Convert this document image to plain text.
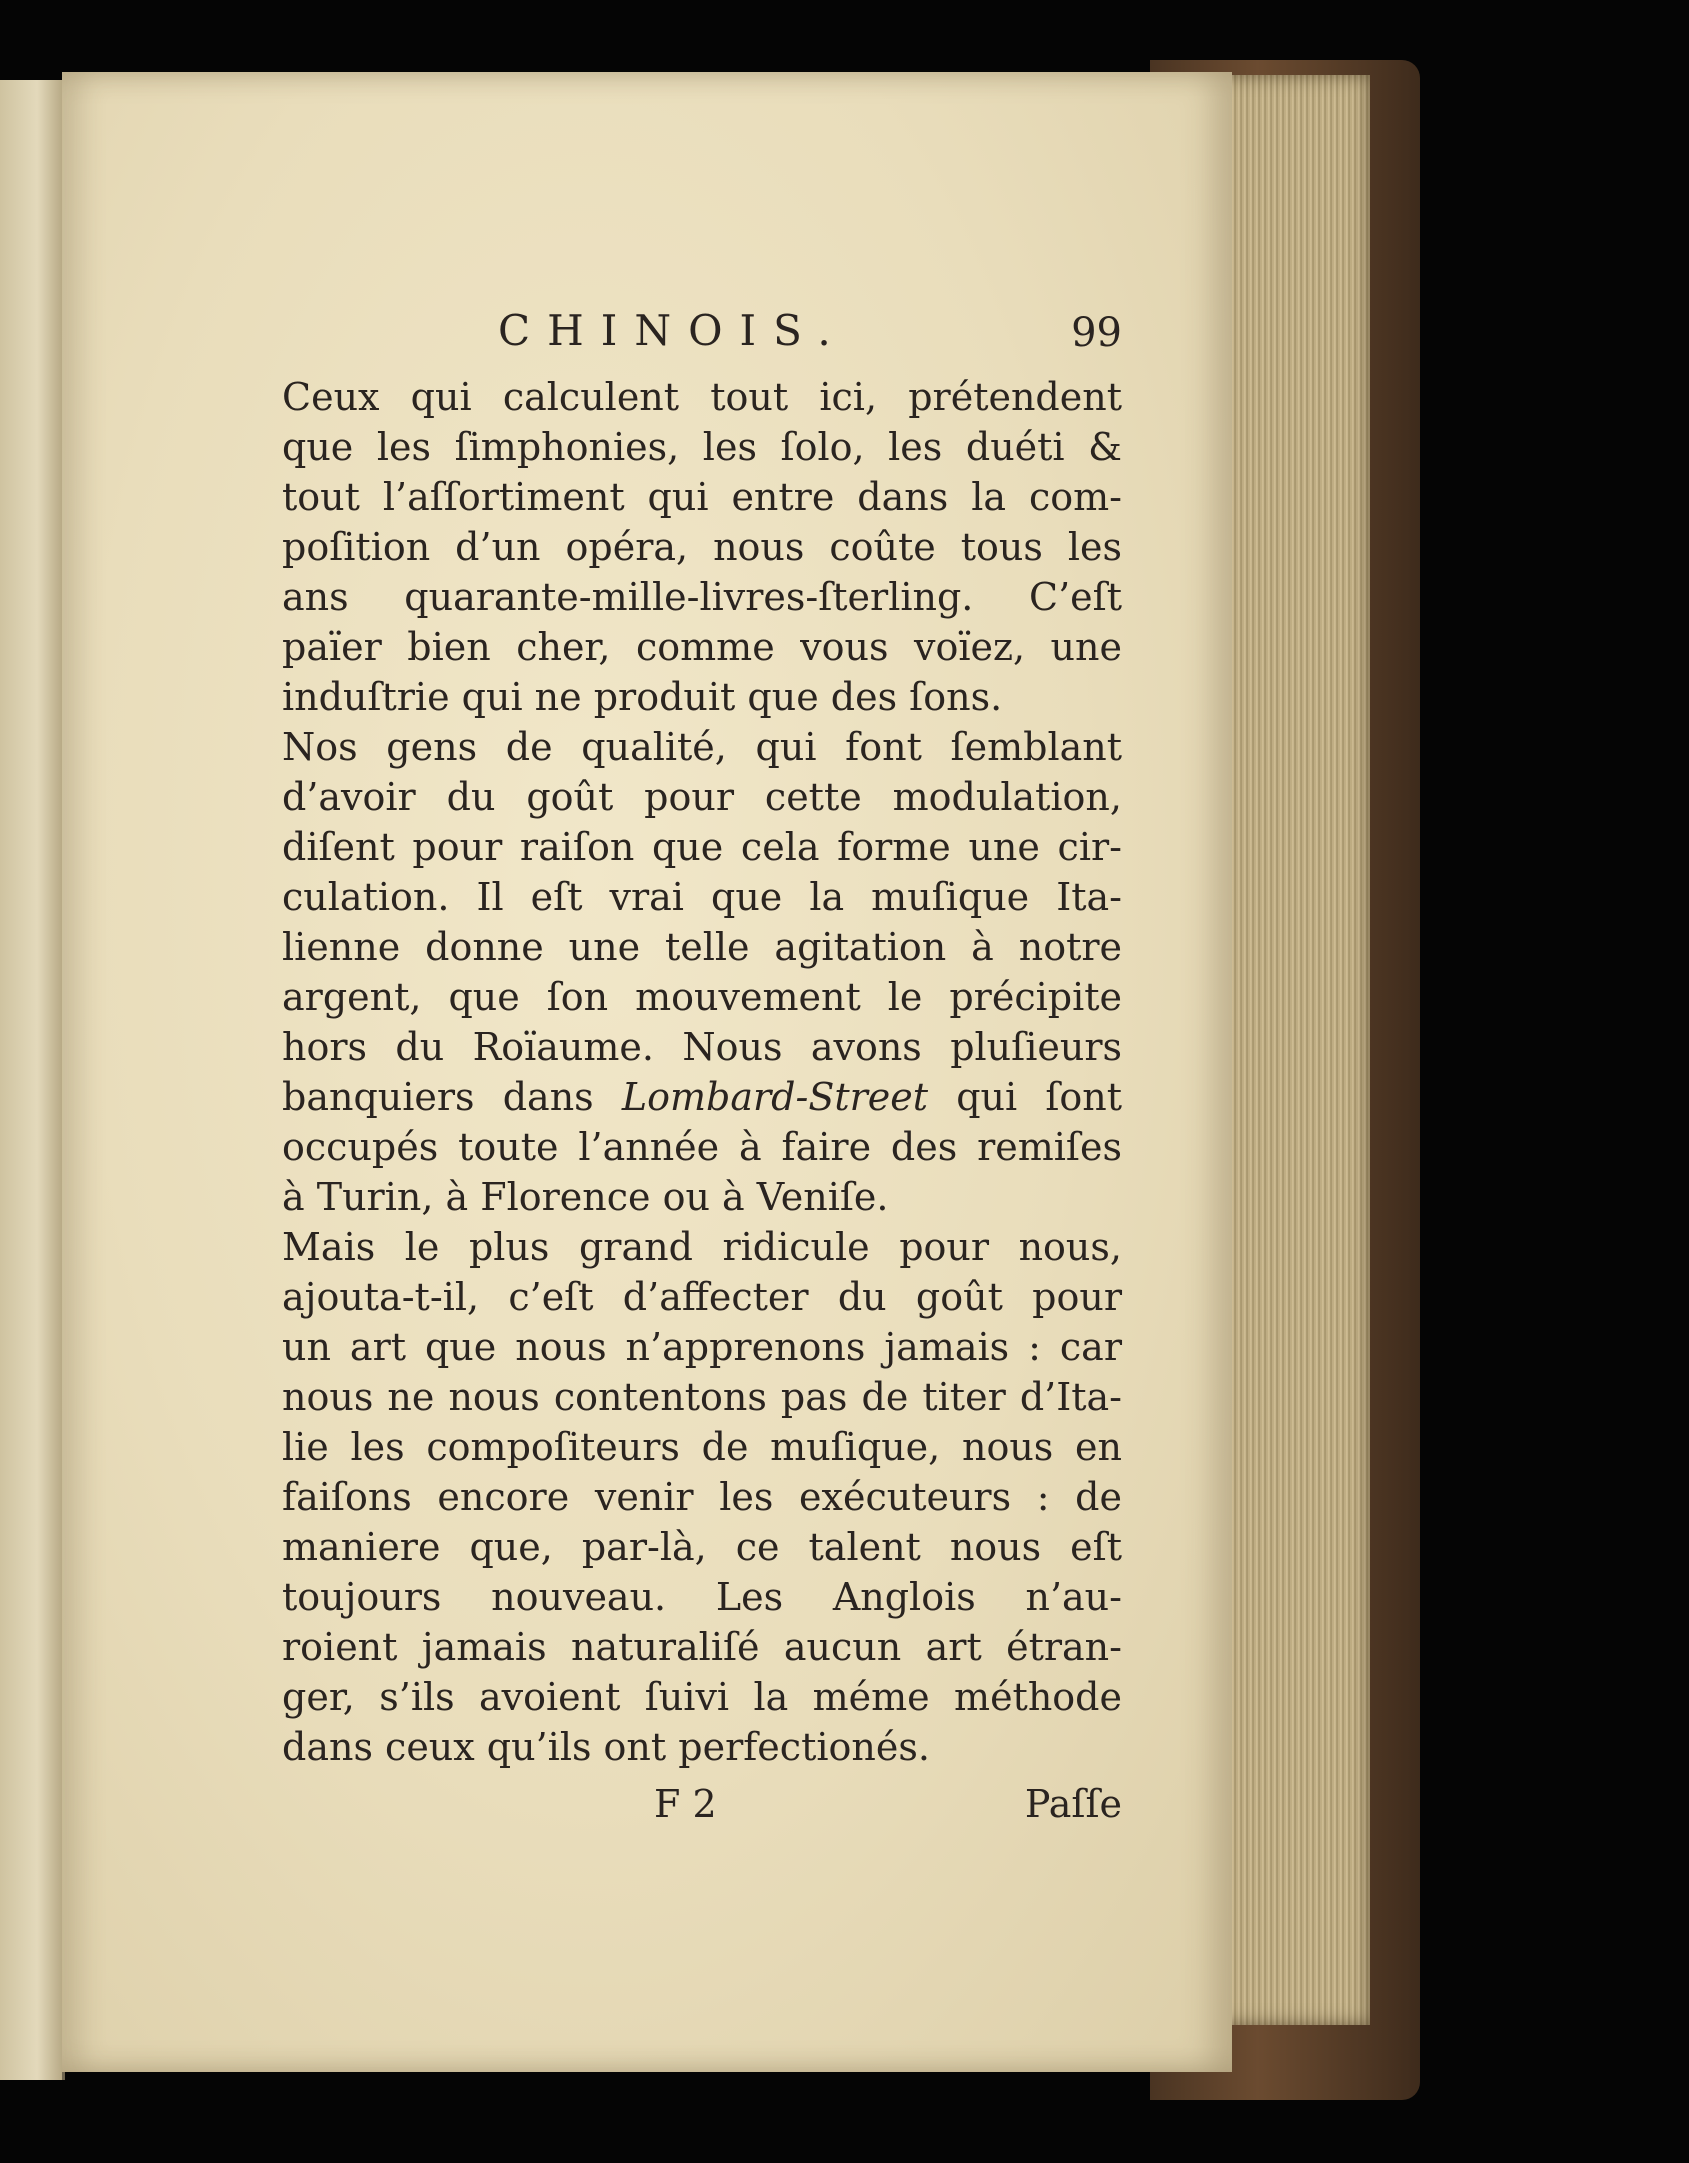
CHINOIS.	99
Ceux qui calculent tout ici, prétendent
que les ſimphonies, les ſolo, les duéti &
tout l’aſſortiment qui entre dans la com-
poſition d’un opéra, nous coûte tous les
ans quarante-mille-livres-ſterling. C’eſt
païer bien cher, comme vous voïez, une
induſtrie qui ne produit que des ſons.
Nos gens de qualité, qui font ſemblant
d’avoir du goût pour cette modulation,
diſent pour raiſon que cela forme une cir-
culation. Il eſt vrai que la muſique Ita-
lienne donne une telle agitation à notre
argent, que ſon mouvement le précipite
hors du Roïaume. Nous avons pluſieurs
banquiers dans Lombard-Street qui ſont
occupés toute l’année à faire des remiſes
à Turin, à Florence ou à Veniſe.
Mais le plus grand ridicule pour nous,
ajouta-t-il, c’eſt d’affecter du goût pour
un art que nous n’apprenons jamais : car
nous ne nous contentons pas de titer d’Ita-
lie les compoſiteurs de muſique, nous en
faiſons encore venir les exécuteurs : de
maniere que, par-là, ce talent nous eſt
toujours nouveau. Les Anglois n’au-
roient jamais naturaliſé aucun art étran-
ger, s’ils avoient ſuivi la méme méthode
dans ceux qu’ils ont perfectionés.
F 2	Paſſe
